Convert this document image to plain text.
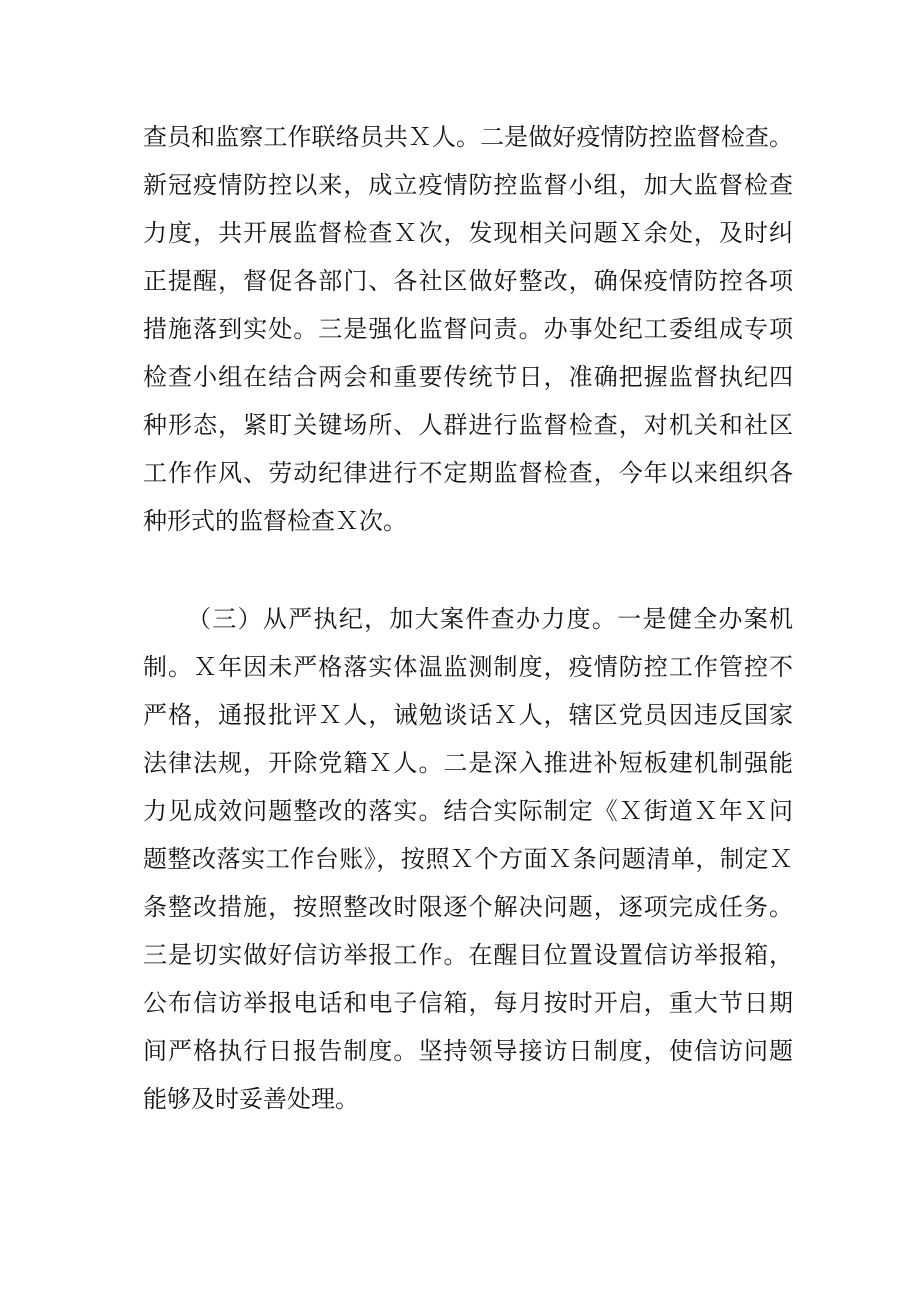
查员和监察工作联络员共Ｘ人。二是做好疫情防控监督检查。
新冠疫情防控以来，成立疫情防控监督小组，加大监督检查
力度，共开展监督检查Ｘ次，发现相关问题Ｘ余处，及时纠
正提醒，督促各部门、各社区做好整改，确保疫情防控各项
措施落到实处。三是强化监督问责。办事处纪工委组成专项
检查小组在结合两会和重要传统节日，准确把握监督执纪四
种形态，紧盯关键场所、人群进行监督检查，对机关和社区
工作作风、劳动纪律进行不定期监督检查，今年以来组织各
种形式的监督检查Ｘ次。
（三）从严执纪，加大案件查办力度。一是健全办案机
制。Ｘ年因未严格落实体温监测制度，疫情防控工作管控不
严格，通报批评Ｘ人，诫勉谈话Ｘ人，辖区党员因违反国家
法律法规，开除党籍Ｘ人。二是深入推进补短板建机制强能
力见成效问题整改的落实。结合实际制定《Ｘ街道Ｘ年Ｘ问
题整改落实工作台账》，按照Ｘ个方面Ｘ条问题清单，制定Ｘ
条整改措施，按照整改时限逐个解决问题，逐项完成任务。
三是切实做好信访举报工作。在醒目位置设置信访举报箱，
公布信访举报电话和电子信箱，每月按时开启，重大节日期
间严格执行日报告制度。坚持领导接访日制度，使信访问题
能够及时妥善处理。
